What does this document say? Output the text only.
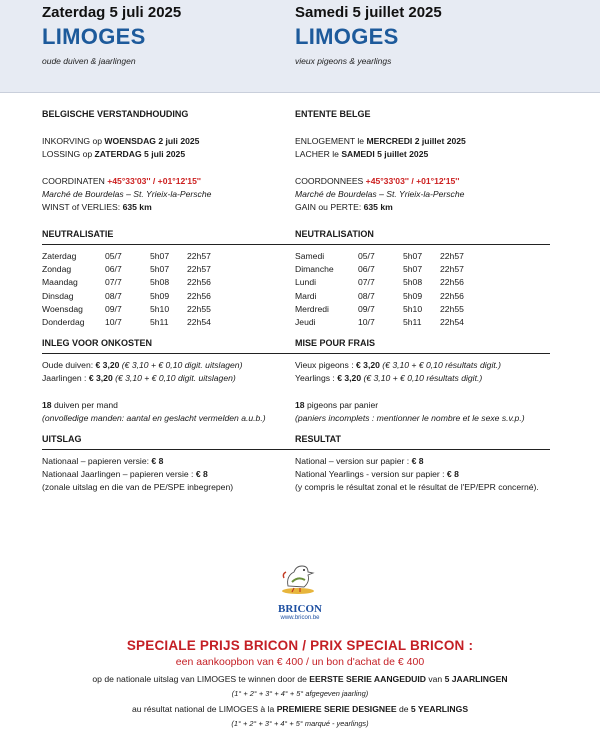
Zaterdag 5 juli 2025
LIMOGES
oude duiven & jaarlingen
Samedi 5 juillet 2025
LIMOGES
vieux pigeons & yearlings
BELGISCHE VERSTANDHOUDING
INKORVING op WOENSDAG 2 juli 2025
LOSSING op ZATERDAG 5 juli 2025
COORDINATEN +45°33'03'' / +01°12'15''
Marché de Bourdelas – St. Yrieix-la-Persche
WINST of VERLIES: 635 km
NEUTRALISATIE
Zaterdag	05/7	5h07	22h57
Zondag	06/7	5h07	22h57
Maandag	07/7	5h08	22h56
Dinsdag	08/7	5h09	22h56
Woensdag	09/7	5h10	22h55
Donderdag	10/7	5h11	22h54
INLEG VOOR ONKOSTEN
Oude duiven: € 3,20 (€ 3,10 + € 0,10 digit. uitslagen)
Jaarlingen : € 3,20 (€ 3,10 + € 0,10 digit. uitslagen)
18 duiven per mand
(onvolledige manden: aantal en geslacht vermelden a.u.b.)
UITSLAG
Nationaal – papieren versie: € 8
Nationaal Jaarlingen – papieren versie : € 8
(zonale uitslag en die van de PE/SPE inbegrepen)
ENTENTE BELGE
ENLOGEMENT le MERCREDI 2 juillet 2025
LACHER le SAMEDI 5 juillet 2025
COORDONNEES +45°33'03'' / +01°12'15''
Marché de Bourdelas – St. Yrieix-la-Persche
GAIN ou PERTE: 635 km
NEUTRALISATION
Samedi	05/7	5h07	22h57
Dimanche	06/7	5h07	22h57
Lundi	07/7	5h08	22h56
Mardi	08/7	5h09	22h56
Merdredi	09/7	5h10	22h55
Jeudi	10/7	5h11	22h54
MISE POUR FRAIS
Vieux pigeons : € 3,20 (€ 3,10 + € 0,10 résultats digit.)
Yearlings : € 3,20 (€ 3,10 + € 0,10 résultats digit.)
18 pigeons par panier
(paniers incomplets : mentionner le nombre et le sexe s.v.p.)
RESULTAT
National – version sur papier : € 8
National Yearlings - version sur papier : € 8
(y compris le résultat zonal et le résultat de l'EP/EPR concerné).
BRICON
www.bricon.be
SPECIALE PRIJS BRICON / PRIX SPECIAL BRICON :
een aankoopbon van € 400 / un bon d'achat de € 400
op de nationale uitslag van LIMOGES te winnen door de EERSTE SERIE AANGEDUID van 5 JAARLINGEN
(1° + 2° + 3° + 4° + 5° afgegeven jaarling)
au résultat national de LIMOGES à la PREMIERE SERIE DESIGNEE de 5 YEARLINGS
(1° + 2° + 3° + 4° + 5° marqué - yearlings)
